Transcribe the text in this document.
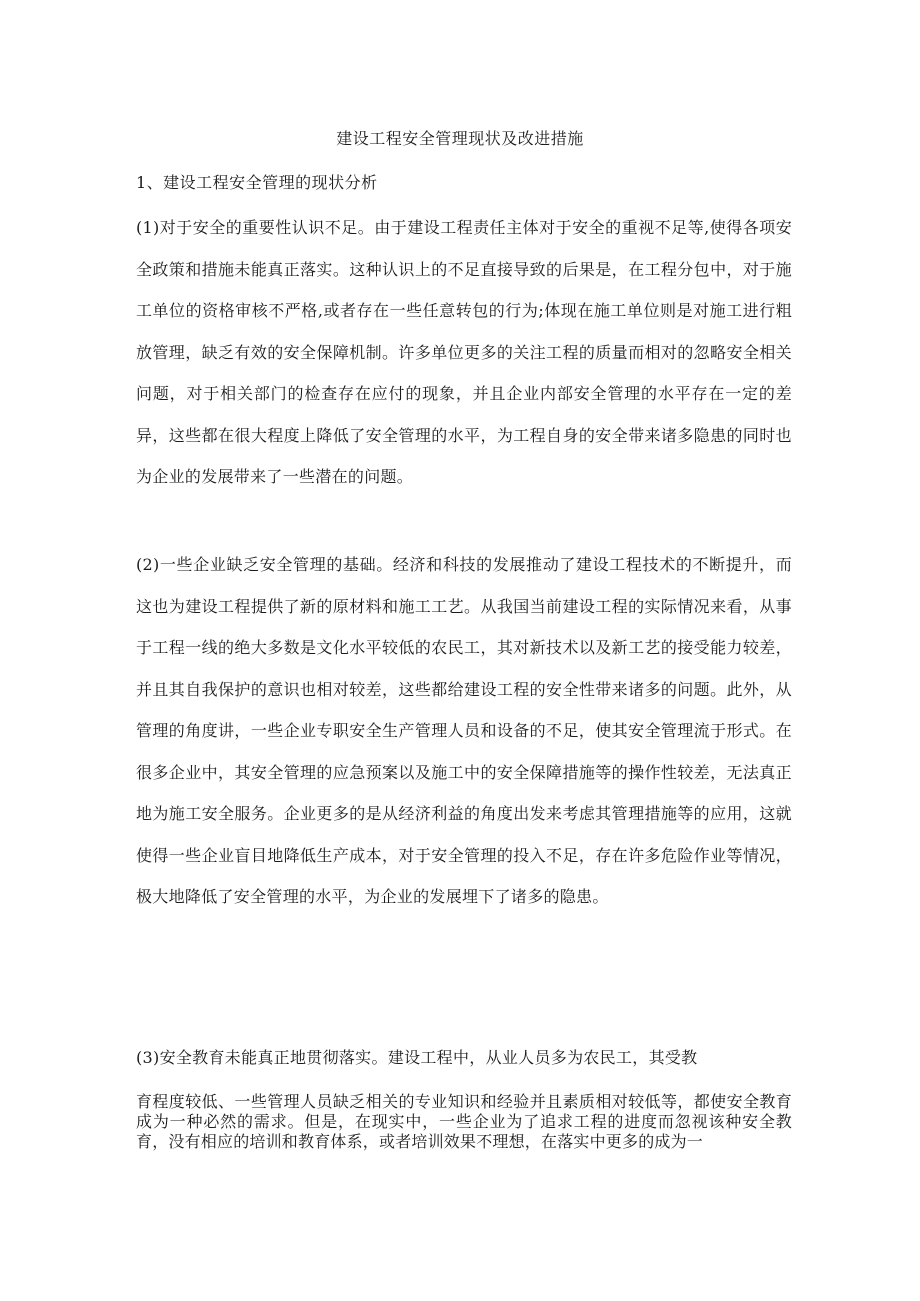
建设工程安全管理现状及改进措施
1、建设工程安全管理的现状分析
(1)对于安全的重要性认识不足。由于建设工程责任主体对于安全的重视不足等,使得各项安全政策和措施未能真正落实。这种认识上的不足直接导致的后果是，在工程分包中，对于施工单位的资格审核不严格,或者存在一些任意转包的行为;体现在施工单位则是对施工进行粗放管理，缺乏有效的安全保障机制。许多单位更多的关注工程的质量而相对的忽略安全相关问题，对于相关部门的检查存在应付的现象，并且企业内部安全管理的水平存在一定的差异，这些都在很大程度上降低了安全管理的水平，为工程自身的安全带来诸多隐患的同时也为企业的发展带来了一些潜在的问题。
(2)一些企业缺乏安全管理的基础。经济和科技的发展推动了建设工程技术的不断提升，而这也为建设工程提供了新的原材料和施工工艺。从我国当前建设工程的实际情况来看，从事于工程一线的绝大多数是文化水平较低的农民工，其对新技术以及新工艺的接受能力较差，并且其自我保护的意识也相对较差，这些都给建设工程的安全性带来诸多的问题。此外，从管理的角度讲，一些企业专职安全生产管理人员和设备的不足，使其安全管理流于形式。在很多企业中，其安全管理的应急预案以及施工中的安全保障措施等的操作性较差，无法真正地为施工安全服务。企业更多的是从经济利益的角度出发来考虑其管理措施等的应用，这就使得一些企业盲目地降低生产成本，对于安全管理的投入不足，存在许多危险作业等情况，极大地降低了安全管理的水平，为企业的发展埋下了诸多的隐患。
(3)安全教育未能真正地贯彻落实。建设工程中，从业人员多为农民工，其受教
育程度较低、一些管理人员缺乏相关的专业知识和经验并且素质相对较低等，都使安全教育成为一种必然的需求。但是，在现实中，一些企业为了追求工程的进度而忽视该种安全教育，没有相应的培训和教育体系，或者培训效果不理想，在落实中更多的成为一
